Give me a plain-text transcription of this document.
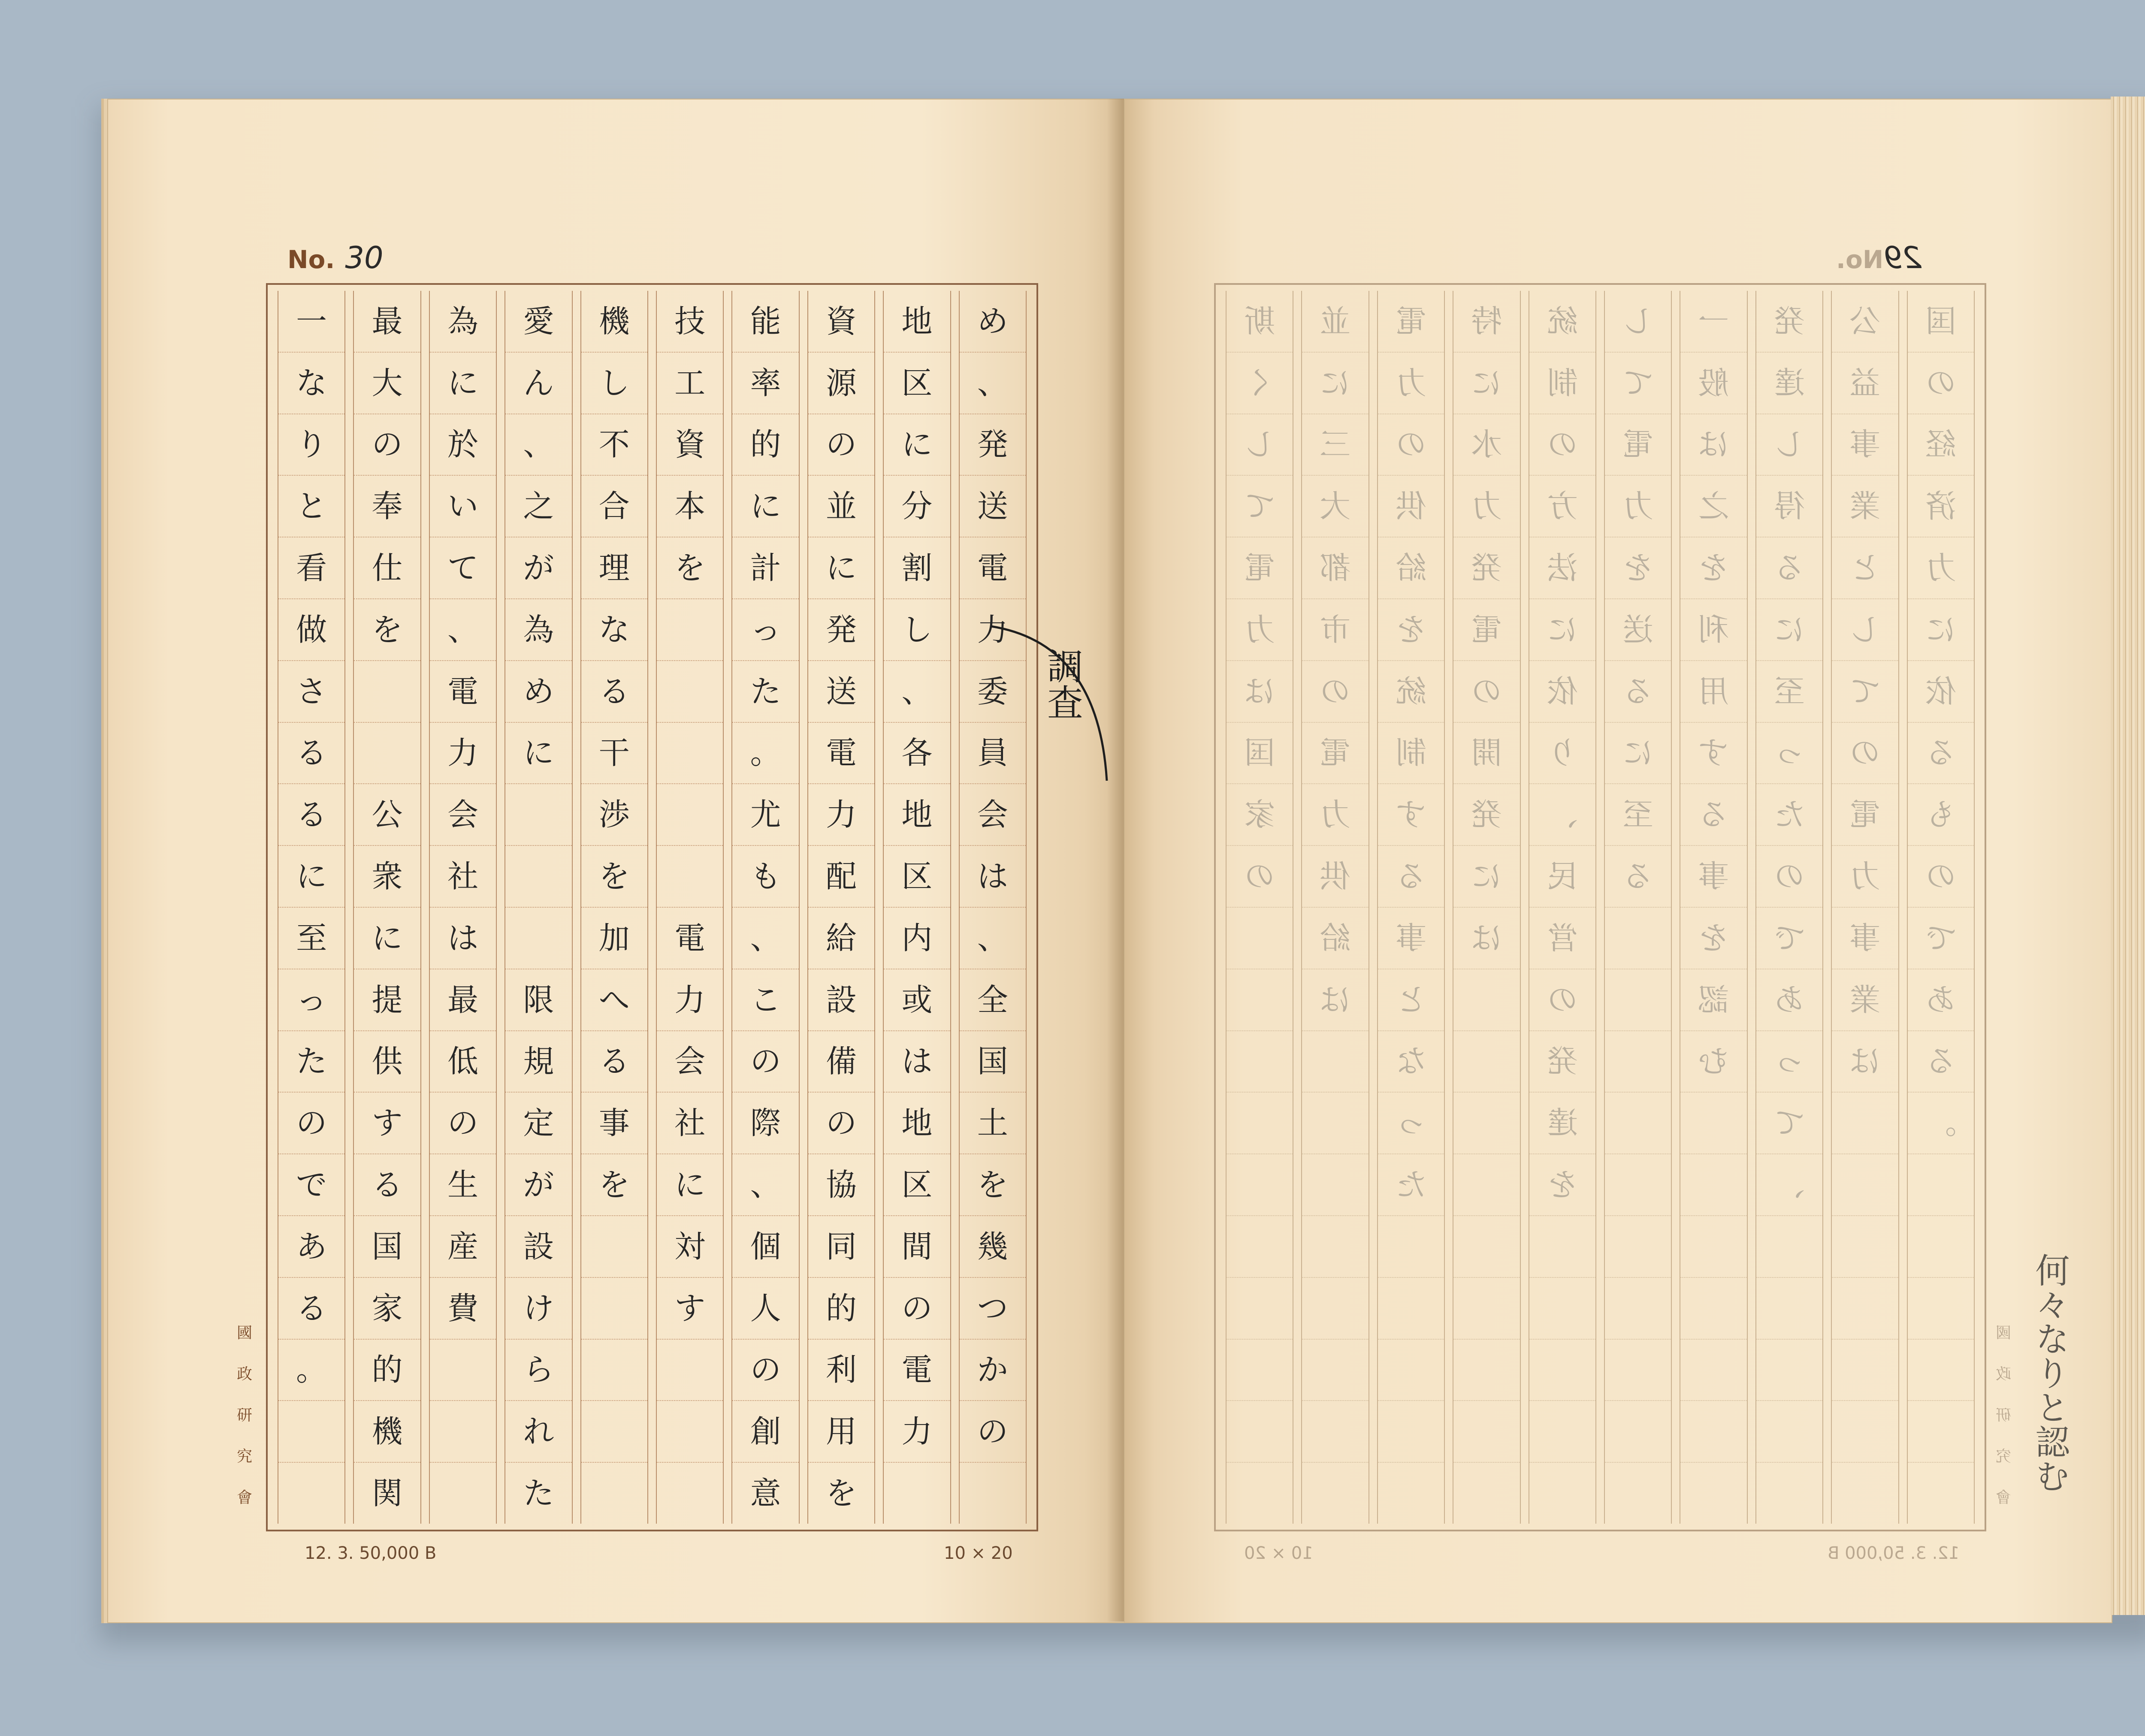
No. 30
め
、
発
送
電
力
委
員
会
は
、
全
国
土
を
幾
つ
か
の
地
区
に
分
割
し
、
各
地
区
内
或
は
地
区
間
の
電
力
資
源
の
並
に
発
送
電
力
配
給
設
備
の
協
同
的
利
用
を
能
率
的
に
計
っ
た
。
尤
も
、
こ
の
際
、
個
人
の
創
意
技
工
資
本
を
電
力
会
社
に
対
す
機
し
不
合
理
な
る
干
渉
を
加
へ
る
事
を
愛
ん
、
之
が
為
め
に
限
規
定
が
設
け
ら
れ
た
為
に
於
い
て
、
電
力
会
社
は
最
低
の
生
産
費
最
大
の
奉
仕
を
公
衆
に
提
供
す
る
国
家
的
機
関
一
な
り
と
看
做
さ
る
る
に
至
っ
た
の
で
あ
る
。
調査
國
政
研
究
會
12. 3. 50,000 B	10 × 20
29No.
国
の
経
済
力
に
依
る
も
の
で
あ
る
。
公
益
事
業
と
し
て
の
電
力
事
業
は
発
達
し
得
る
に
至
っ
た
の
で
あ
っ
て
、
一
般
は
之
を
利
用
す
る
事
を
認
む
し
て
電
力
を
送
る
に
至
る
統
制
の
方
法
に
依
り
、
民
営
の
発
達
を
特
に
水
力
発
電
の
開
発
に
は
電
力
の
供
給
を
統
制
す
る
事
と
な
っ
た
並
に
三
大
都
市
の
電
力
供
給
は
斯
く
し
て
電
力
は
国
家
の
國
政
研
究
會
10 × 20	12. 3. 50,000 B
何々なりと認む
